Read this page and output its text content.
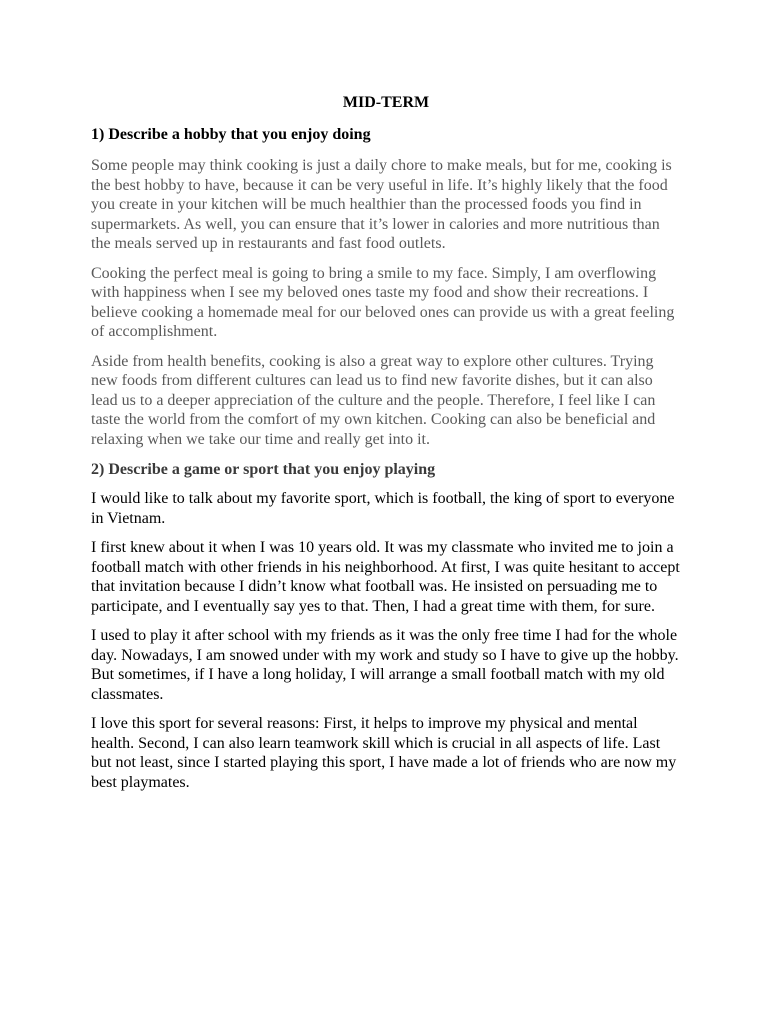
MID-TERM
1) Describe a hobby that you enjoy doing

Some people may think cooking is just a daily chore to make meals, but for me, cooking is the best hobby to have, because it can be very useful in life. It’s highly likely that the food you create in your kitchen will be much healthier than the processed foods you find in supermarkets. As well, you can ensure that it’s lower in calories and more nutritious than the meals served up in restaurants and fast food outlets.

Cooking the perfect meal is going to bring a smile to my face. Simply, I am overflowing with happiness when I see my beloved ones taste my food and show their recreations. I believe cooking a homemade meal for our beloved ones can provide us with a great feeling of accomplishment.

Aside from health benefits, cooking is also a great way to explore other cultures. Trying new foods from different cultures can lead us to find new favorite dishes, but it can also lead us to a deeper appreciation of the culture and the people. Therefore, I feel like I can taste the world from the comfort of my own kitchen. Cooking can also be beneficial and relaxing when we take our time and really get into it.

2) Describe a game or sport that you enjoy playing

I would like to talk about my favorite sport, which is football, the king of sport to everyone in Vietnam.

I first knew about it when I was 10 years old. It was my classmate who invited me to join a football match with other friends in his neighborhood. At first, I was quite hesitant to accept that invitation because I didn’t know what football was. He insisted on persuading me to participate, and I eventually say yes to that. Then, I had a great time with them, for sure.

I used to play it after school with my friends as it was the only free time I had for the whole day. Nowadays, I am snowed under with my work and study so I have to give up the hobby. But sometimes, if I have a long holiday, I will arrange a small football match with my old classmates.

I love this sport for several reasons: First, it helps to improve my physical and mental health. Second, I can also learn teamwork skill which is crucial in all aspects of life. Last but not least, since I started playing this sport, I have made a lot of friends who are now my best playmates.
